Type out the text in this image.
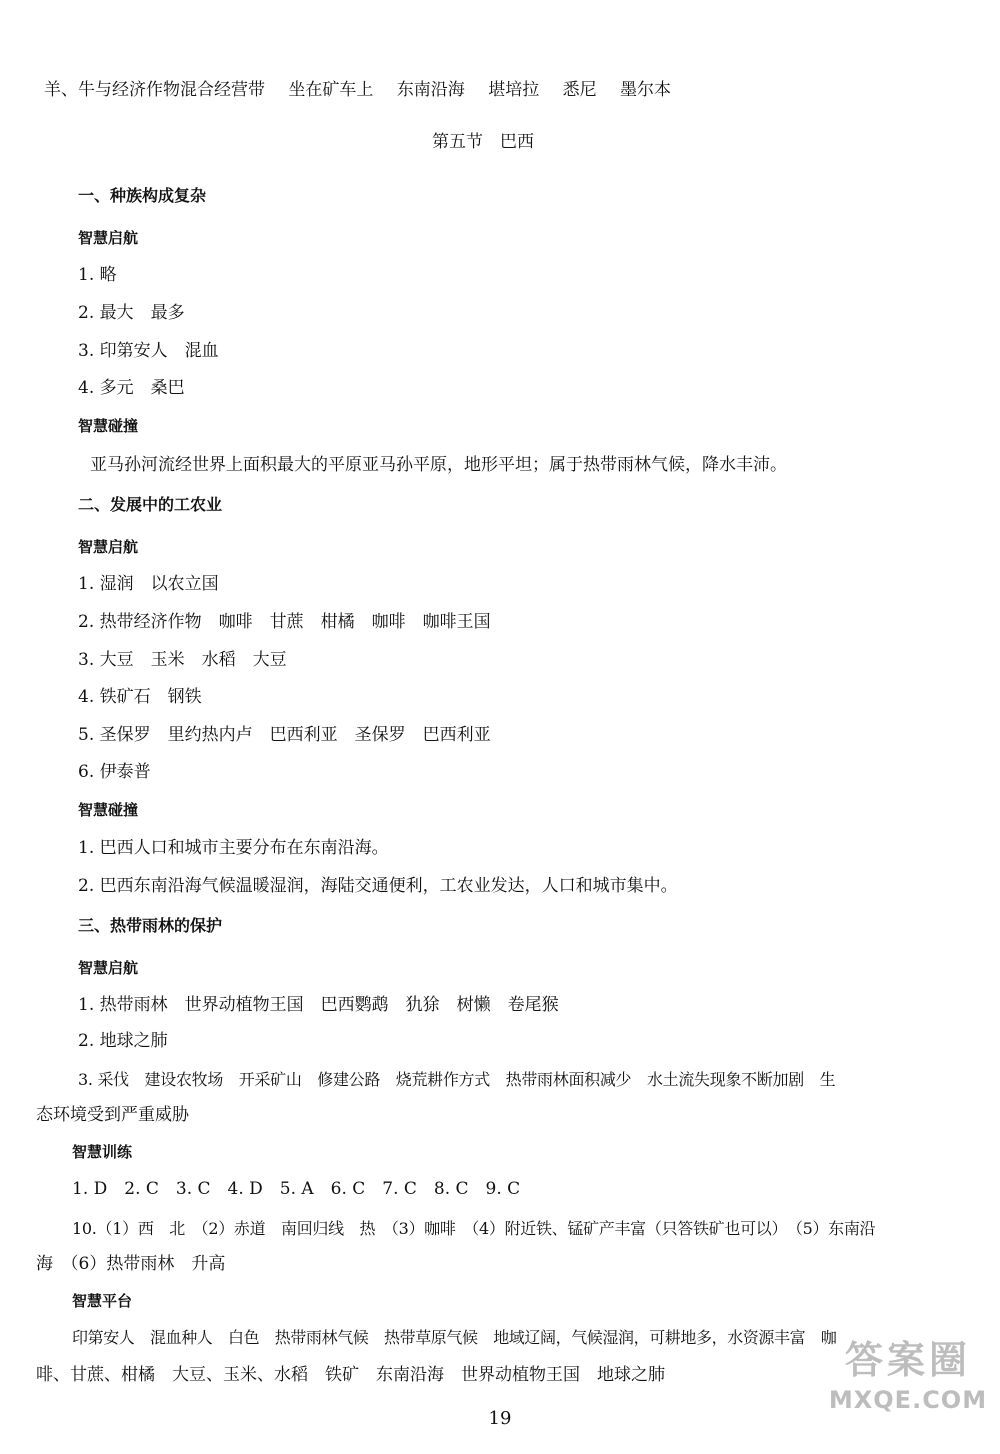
羊、牛与经济作物混合经营带 坐在矿车上 东南沿海 堪培拉 悉尼 墨尔本
第五节　巴西
一、种族构成复杂
智慧启航
1. 略
2. 最大　最多
3. 印第安人　混血
4. 多元　桑巴
智慧碰撞
亚马孙河流经世界上面积最大的平原亚马孙平原，地形平坦；属于热带雨林气候，降水丰沛。
二、发展中的工农业
智慧启航
1. 湿润　以农立国
2. 热带经济作物　咖啡　甘蔗　柑橘　咖啡　咖啡王国
3. 大豆　玉米　水稻　大豆
4. 铁矿石　钢铁
5. 圣保罗　里约热内卢　巴西利亚　圣保罗　巴西利亚
6. 伊泰普
智慧碰撞
1. 巴西人口和城市主要分布在东南沿海。
2. 巴西东南沿海气候温暖湿润，海陆交通便利，工农业发达，人口和城市集中。
三、热带雨林的保护
智慧启航
1. 热带雨林　世界动植物王国　巴西鹦鹉　犰狳　树懒　卷尾猴
2. 地球之肺
3. 采伐　建设农牧场　开采矿山　修建公路　烧荒耕作方式　热带雨林面积减少　水土流失现象不断加剧　生
态环境受到严重威胁
智慧训练
1. D　2. C　3. C　4. D　5. A　6. C　7. C　8. C　9. C
10.（1）西　北　（2）赤道　南回归线　热　（3）咖啡　（4）附近铁、锰矿产丰富（只答铁矿也可以）　（5）东南沿
海　（6）热带雨林　升高
智慧平台
印第安人　混血种人　白色　热带雨林气候　热带草原气候　地域辽阔，气候湿润，可耕地多，水资源丰富　咖
啡、甘蔗、柑橘　大豆、玉米、水稻　铁矿　东南沿海　世界动植物王国　地球之肺
19
答案圈
MXQE.COM
